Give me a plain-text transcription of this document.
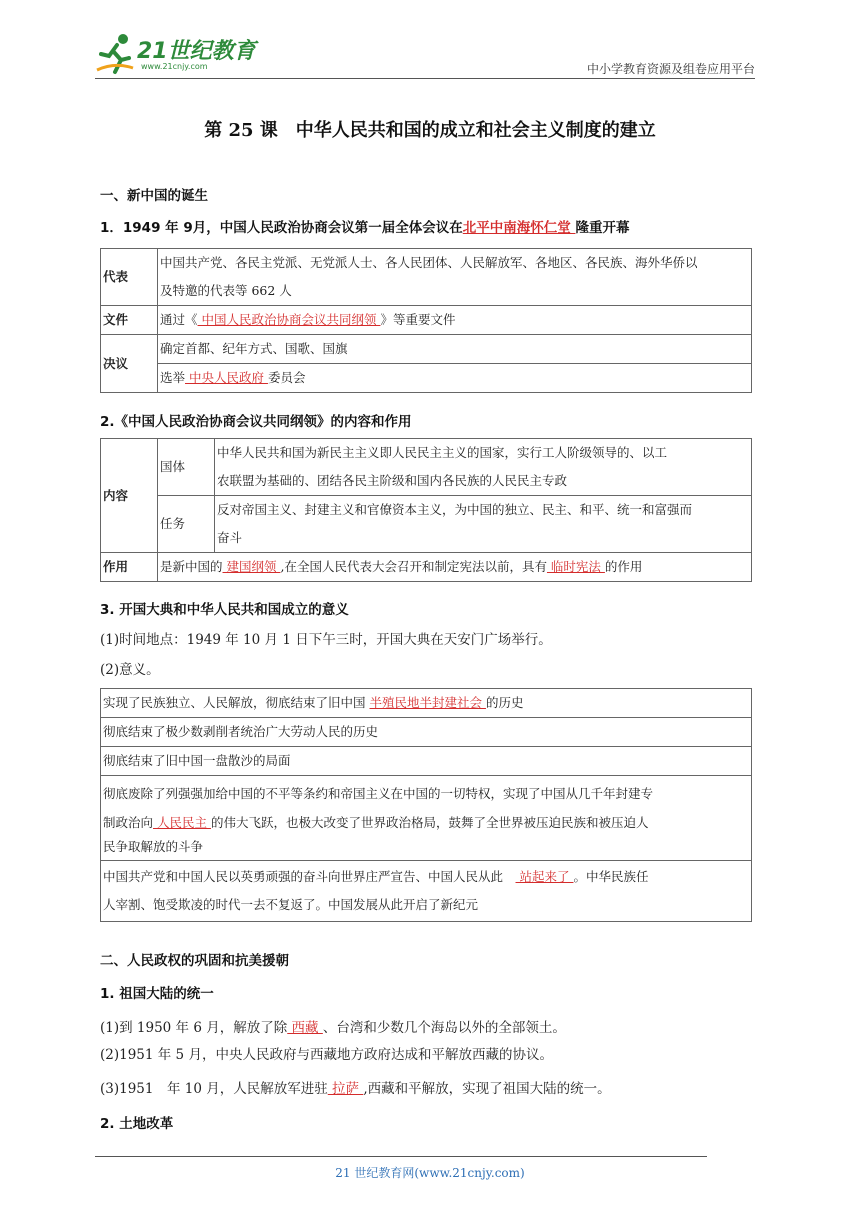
21世纪教育
www.21cnjy.com	中小学教育资源及组卷应用平台
第 25 课　中华人民共和国的成立和社会主义制度的建立
一、新中国的诞生
1．1949 年 9月，中国人民政治协商会议第一届全体会议在北平中南海怀仁堂 隆重开幕
代表	中国共产党、各民主党派、无党派人士、各人民团体、人民解放军、各地区、各民族、海外华侨以
及特邀的代表等 662 人

文件	通过《 中国人民政治协商会议共同纲领 》等重要文件
决议	确定首都、纪年方式、国歌、国旗
	选举 中央人民政府 委员会
2.《中国人民政治协商会议共同纲领》的内容和作用
内容	国体	中华人民共和国为新民主主义即人民民主主义的国家，实行工人阶级领导的、以工
农联盟为基础的、团结各民主阶级和国内各民族的人民民主专政

	任务	反对帝国主义、封建主义和官僚资本主义，为中国的独立、民主、和平、统一和富强而
奋斗

作用	是新中国的 建国纲领 ,在全国人民代表大会召开和制定宪法以前，具有 临时宪法 的作用	
3. 开国大典和中华人民共和国成立的意义
(1)时间地点：1949 年 10 月 1 日下午三时，开国大典在天安门广场举行。
(2)意义。
实现了民族独立、人民解放，彻底结束了旧中国 半殖民地半封建社会 的历史
彻底结束了极少数剥削者统治广大劳动人民的历史
彻底结束了旧中国一盘散沙的局面

彻底废除了列强强加给中国的不平等条约和帝国主义在中国的一切特权，实现了中国从几千年封建专
制政治向 人民民主 的伟大飞跃，也极大改变了世界政治格局，鼓舞了全世界被压迫民族和被压迫人
民争取解放的斗争

中国共产党和中国人民以英勇顽强的奋斗向世界庄严宣告、中国人民从此　 站起来了 。中华民族任
人宰割、饱受欺凌的时代一去不复返了。中国发展从此开启了新纪元
二、人民政权的巩固和抗美援朝
1. 祖国大陆的统一
(1)到 1950 年 6 月，解放了除 西藏 、台湾和少数几个海岛以外的全部领土。
(2)1951 年 5 月，中央人民政府与西藏地方政府达成和平解放西藏的协议。
(3)1951　年 10 月，人民解放军进驻 拉萨 ,西藏和平解放，实现了祖国大陆的统一。
2. 土地改革
21 世纪教育网(www.21cnjy.com)
